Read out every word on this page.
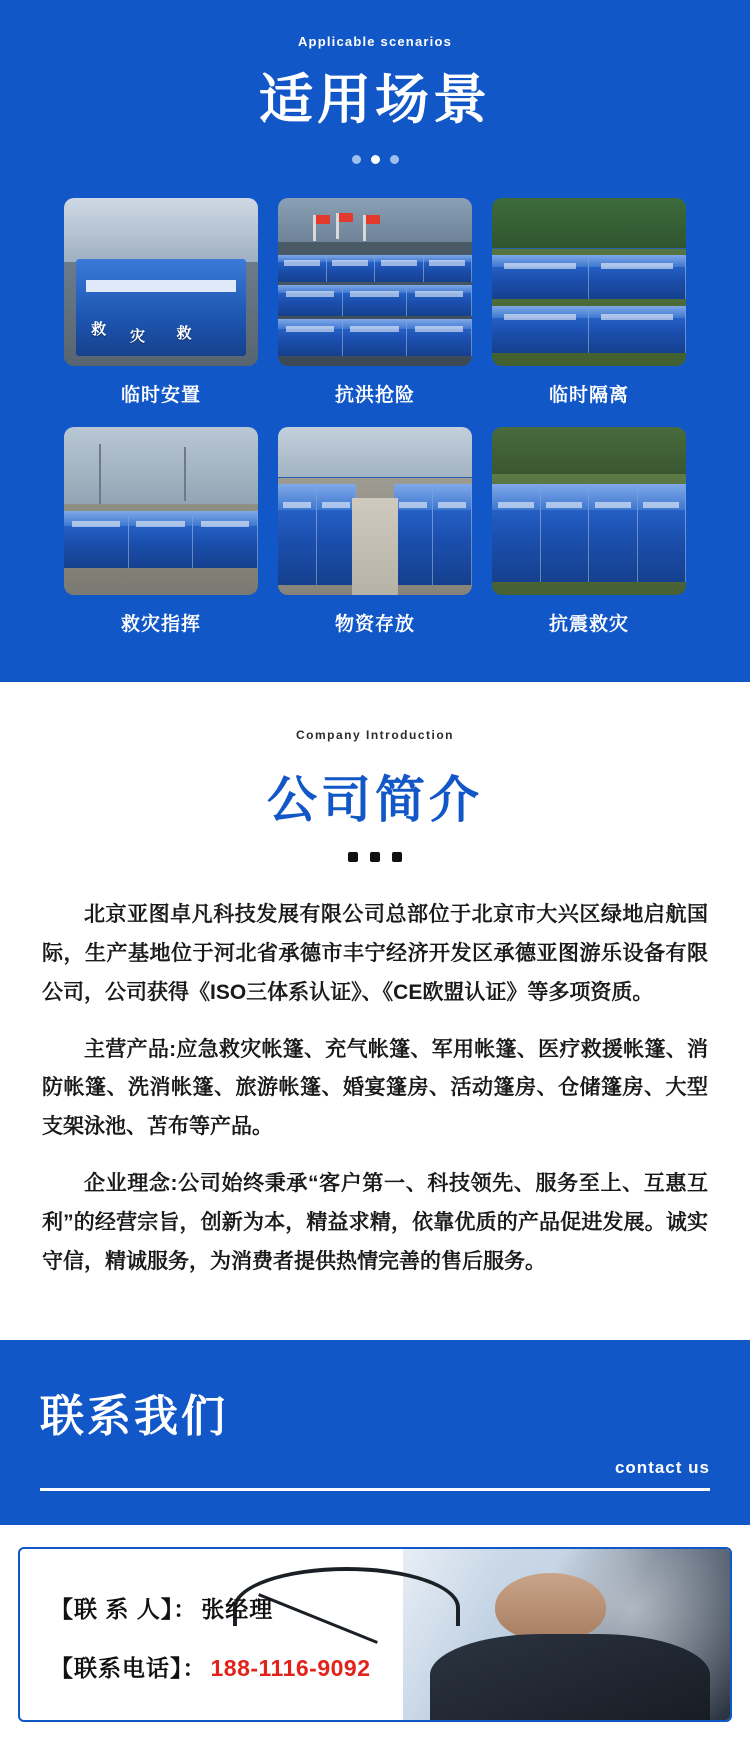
Applicable scenarios
适用场景
救 灾 救
临时安置	抗洪抢险	临时隔离
救灾指挥	物资存放	抗震救灾
Company Introduction
公司简介

北京亚图卓凡科技发展有限公司总部位于北京市大兴区绿地启航国际，生产基地位于河北省承德市丰宁经济开发区承德亚图游乐设备有限公司，公司获得《ISO三体系认证》、《CE欧盟认证》等多项资质。

主营产品:应急救灾帐篷、充气帐篷、军用帐篷、医疗救援帐篷、消防帐篷、洗消帐篷、旅游帐篷、婚宴篷房、活动篷房、仓储篷房、大型支架泳池、苫布等产品。

企业理念:公司始终秉承“客户第一、科技领先、服务至上、互惠互利”的经营宗旨，创新为本，精益求精，依靠优质的产品促进发展。诚实守信，精诚服务，为消费者提供热情完善的售后服务。

联系我们
contact us
【联 系 人】： 张经理
【联系电话】： 188-1116-9092
